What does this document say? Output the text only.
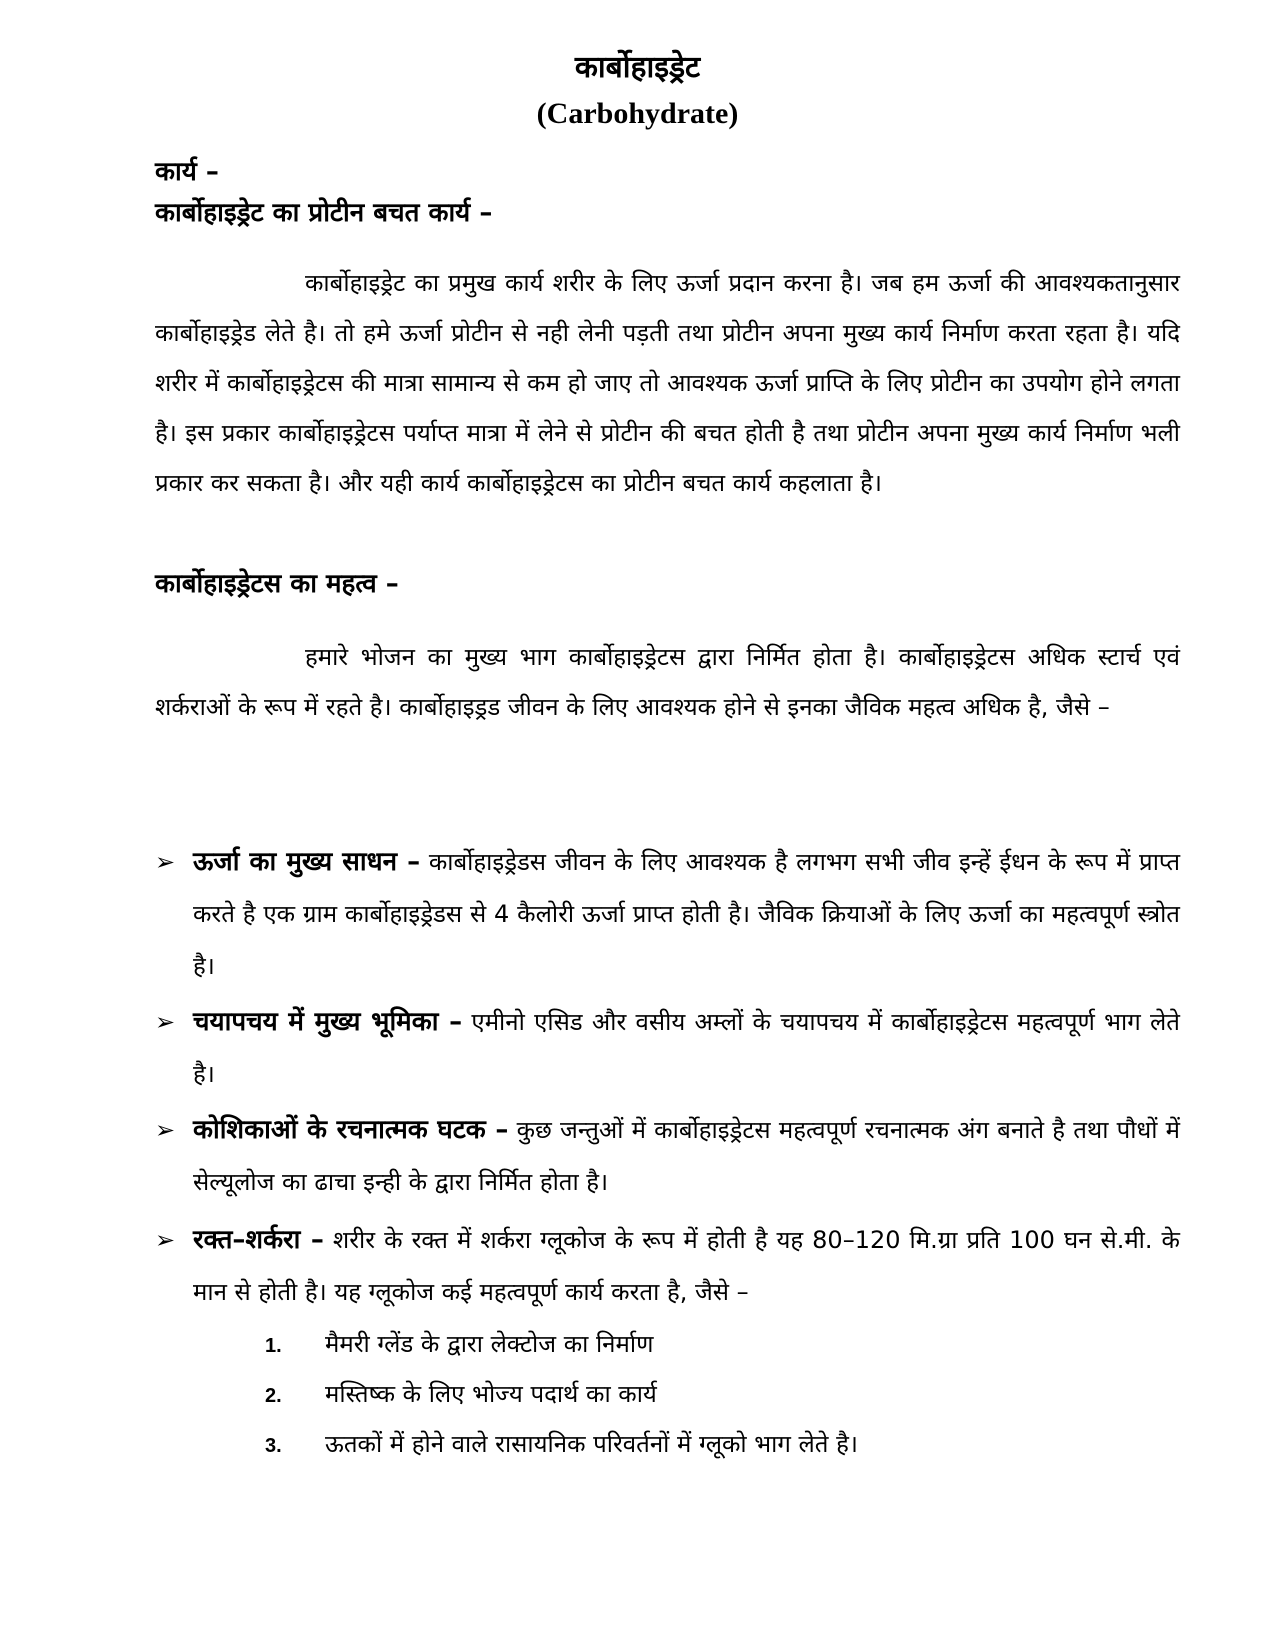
कार्बोहाइड्रेट
(Carbohydrate)
कार्य –
कार्बोहाइड्रेट का प्रोटीन बचत कार्य –
कार्बोहाइड्रेट का प्रमुख कार्य शरीर के लिए ऊर्जा प्रदान करना है। जब हम ऊर्जा की आवश्यकतानुसार कार्बोहाइड्रेड लेते है। तो हमे ऊर्जा प्रोटीन से नही लेनी पड़ती तथा प्रोटीन अपना मुख्य कार्य निर्माण करता रहता है। यदि शरीर में कार्बोहाइड्रेटस की मात्रा सामान्य से कम हो जाए तो आवश्यक ऊर्जा प्राप्ति के लिए प्रोटीन का उपयोग होने लगता है। इस प्रकार कार्बोहाइड्रेटस पर्याप्त मात्रा में लेने से प्रोटीन की बचत होती है तथा प्रोटीन अपना मुख्य कार्य निर्माण भली प्रकार कर सकता है। और यही कार्य कार्बोहाइड्रेटस का प्रोटीन बचत कार्य कहलाता है।
कार्बोहाइड्रेटस का महत्व –
हमारे भोजन का मुख्य भाग कार्बोहाइड्रेटस द्वारा निर्मित होता है। कार्बोहाइड्रेटस अधिक स्टार्च एवं शर्कराओं के रूप में रहते है। कार्बोहाइड्रड जीवन के लिए आवश्यक होने से इनका जैविक महत्व अधिक है, जैसे –
➢ ऊर्जा का मुख्य साधन – कार्बोहाइड्रेडस जीवन के लिए आवश्यक है लगभग सभी जीव इन्हें ईधन के रूप में प्राप्त करते है एक ग्राम कार्बोहाइड्रेडस से 4 कैलोरी ऊर्जा प्राप्त होती है। जैविक क्रियाओं के लिए ऊर्जा का महत्वपूर्ण स्त्रोत है।
➢ चयापचय में मुख्य भूमिका – एमीनो एसिड और वसीय अम्लों के चयापचय में कार्बोहाइड्रेटस महत्वपूर्ण भाग लेते है।
➢ कोशिकाओं के रचनात्मक घटक – कुछ जन्तुओं में कार्बोहाइड्रेटस महत्वपूर्ण रचनात्मक अंग बनाते है तथा पौधों में सेल्यूलोज का ढाचा इन्ही के द्वारा निर्मित होता है।
➢ रक्त–शर्करा – शरीर के रक्त में शर्करा ग्लूकोज के रूप में होती है यह 80–120 मि.ग्रा प्रति 100 घन से.मी. के मान से होती है। यह ग्लूकोज कई महत्वपूर्ण कार्य करता है, जैसे –
1. मैमरी ग्लेंड के द्वारा लेक्टोज का निर्माण
2. मस्तिष्क के लिए भोज्य पदार्थ का कार्य
3. ऊतकों में होने वाले रासायनिक परिवर्तनों में ग्लूको भाग लेते है।
